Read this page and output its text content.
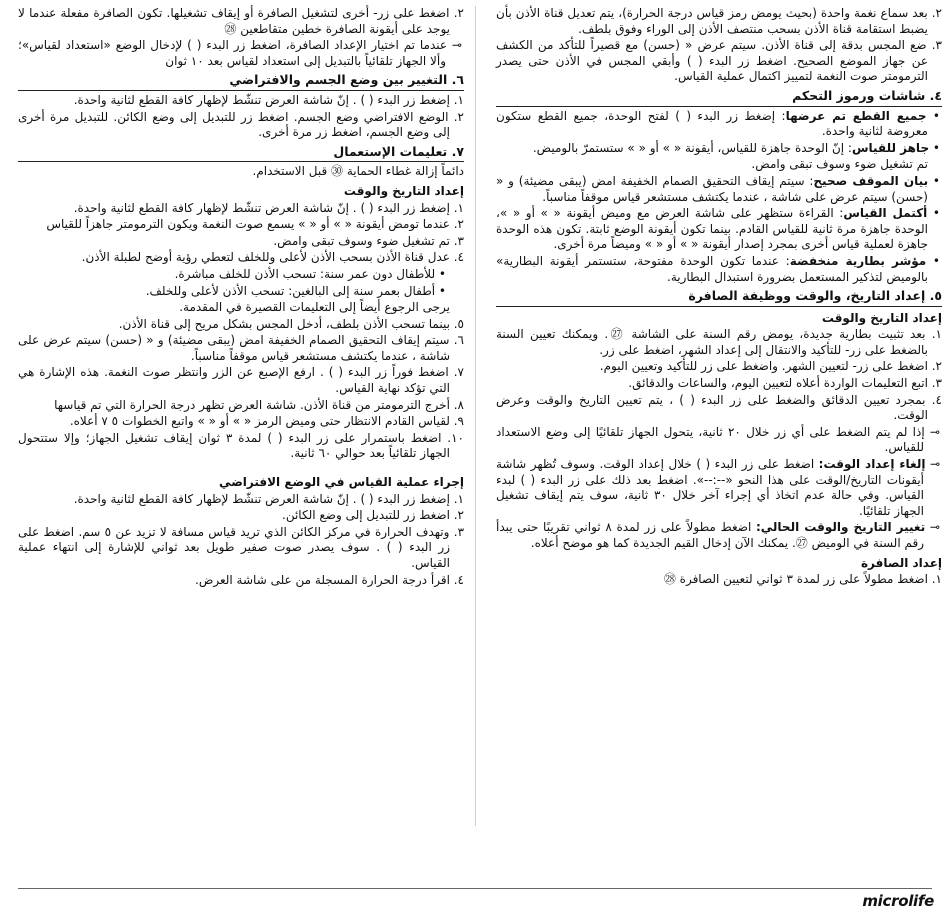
٢. بعد سماع نغمة واحدة (بحيث يومض رمز قياس درجة الحرارة)، يتم تعديل قناة الأذن بأن يضبط استقامة قناة الأذن بسحب منتصف الأذن إلى الوراء وفوق بلطف.
٣. ضع المجس بدقة إلى قناة الأذن. سيتم عرض « (حسن) مع قصيراً للتأكد من الكشف عن جهاز الموضع الصحيح. اضغط زر البدء ( ) وأبقي المجس في الأذن حتى يصدر الترمومتر صوت النغمة لتمييز اكتمال عملية القياس.
٤. شاشات ورموز التحكم
• جميع القطع تم عرضها: إضغط زر البدء ( ) لفتح الوحدة، جميع القطع ستكون معروضة لثانية واحدة.
• جاهز للقياس: إنّ الوحدة جاهزة للقياس، أيقونة « » أو « » ستستمرّ بالوميض.
تم تشغيل ضوء وسوف تبقى وامض.
• بيان الموقف صحيح: سيتم إيقاف التحقيق الصمام الخفيفة امض (يبقى مضيئة) و « (حسن) سيتم عرض على شاشة ، عندما يكتشف مستشعر قياس موقفاً مناسباً.
• أكتمل القياس: القراءة ستظهر على شاشة العرض مع وميض أيقونة « » أو « »، الوحدة جاهزة مرة ثانية للقياس القادم. بينما تكون أيقونة الوضع ثابتة. تكون هذه الوحدة جاهزة لعملية قياس أخرى بمجرد إصدار أيقونة « » أو « » وميضاً مرة أخرى.
• مؤشر بطارية منخفضة: عندما تكون الوحدة مفتوحة، ستستمر أيقونة البطارية» بالوميض لتذكير المستعمل بضرورة استبدال البطارية.
٥. إعداد التاريخ، والوقت ووظيفة الصافرة
إعداد التاريخ والوقت
١. بعد تثبيت بطارية جديدة، يومض رقم السنة على الشاشة ㉗. ويمكنك تعيين السنة بالضغط على زر- للتأكيد والانتقال إلى إعداد الشهر، اضغط على زر.
٢. اضغط على زر- لتعيين الشهر. واضغط على زر للتأكيد وتعيين اليوم.
٣. اتبع التعليمات الواردة أعلاه لتعيين اليوم، والساعات والدقائق.
٤. بمجرد تعيين الدقائق والضغط على زر البدء ( ) ، يتم تعيين التاريخ والوقت وعرض الوقت.
⊸ إذا لم يتم الضغط على أي زر خلال ٢٠ ثانية، يتحول الجهاز تلقائيًا إلى وضع الاستعداد للقياس.
⊸ إلغاء إعداد الوقت: اضغط على زر البدء ( ) خلال إعداد الوقت. وسوف تُظهر شاشة أيقونات التاريخ/الوقت على هذا النحو «--:--». اضغط بعد ذلك على زر البدء ( ) لبدء القياس. وفي حالة عدم اتخاذ أي إجراء آخر خلال ٣٠ ثانية، سوف يتم إيقاف تشغيل الجهاز تلقائيًا.
⊸ تغيير التاريخ والوقت الحالي: اضغط مطولاً على زر لمدة ٨ ثواني تقريبًا حتى يبدأ رقم السنة في الوميض ㉗. يمكنك الآن إدخال القيم الجديدة كما هو موضح أعلاه.
إعداد الصافرة
١. اضغط مطولاً على زر لمدة ٣ ثواني لتعيين الصافرة ㉘
٢. اضغط على زر- أخرى لتشغيل الصافرة أو إيقاف تشغيلها. تكون الصافرة مفعلة عندما لا يوجد على أيقونة الصافرة خطين متقاطعين ㉘
⊸ عندما تم اختيار الإعداد الصافرة، اضغط زر البدء ( ) لإدخال الوضع «استعداد لقياس»؛ وألا الجهاز تلقائياً بالتبديل إلى استعداد لقياس بعد ١٠ ثوان
٦. التغيير بين وضع الجسم والافتراضي
١. إضغط زر البدء ( ) . إنّ شاشة العرض تنشّط لإظهار كافة القطع لثانية واحدة.
٢. الوضع الافتراضي وضع الجسم. اضغط زر للتبديل إلى وضع الكائن. للتبديل مرة أخرى إلى وضع الجسم، اضغط زر مرة أخرى.
٧. تعليمات الإستعمال
دائماً إزالة غطاء الحماية ㉚ قبل الاستخدام.
إعداد التاريخ والوقت
١. إضغط زر البدء ( ) . إنّ شاشة العرض تنشّط لإظهار كافة القطع لثانية واحدة.
٢. عندما تومض أيقونة « » أو « » يسمع صوت النغمة ويكون الترمومتر جاهزاً للقياس
٣. تم تشغيل ضوء وسوف تبقى وامض.
٤. عدل قناة الأذن بسحب الأذن لأعلى وللخلف لتعطي رؤية أوضح لطبلة الأذن.
• للأطفال دون عمر سنة: تسحب الأذن للخلف مباشرة.
• أطفال بعمر سنة إلى البالغين: تسحب الأذن لأعلى وللخلف.
يرجى الرجوع أيضاً إلى التعليمات القصيرة في المقدمة.
٥. بينما تسحب الأذن بلطف، أدخل المجس بشكل مريح إلى قناة الأذن.
٦. سيتم إيقاف التحقيق الصمام الخفيفة امض (يبقى مضيئة) و « (حسن) سيتم عرض على شاشة ، عندما يكتشف مستشعر قياس موقفاً مناسباً.
٧. اضغط فوراً زر البدء ( ) . ارفع الإصبع عن الزر وانتظر صوت النغمة. هذه الإشارة هي التي تؤكد نهاية القياس.
٨. أخرج الترمومتر من قناة الأذن. شاشة العرض تظهر درجة الحرارة التي تم قياسها
٩. لقياس القادم الانتظار حتى وميض الرمز « » أو « » واتبع الخطوات ٥ ٧ أعلاه.
١٠. اضغط باستمرار على زر البدء ( ) لمدة ٣ ثوان إيقاف تشغيل الجهاز؛ وإلا ستتحول الجهاز تلقائياً بعد حوالي ٦٠ ثانية.
إجراء عملية القياس في الوضع الافتراضي
١. إضغط زر البدء ( ) . إنّ شاشة العرض تنشّط لإظهار كافة القطع لثانية واحدة.
٢. اضغط زر للتبديل إلى وضع الكائن.
٣. وتهدف الحرارة في مركز الكائن الذي تريد قياس مسافة لا تزيد عن ٥ سم. اضغط على زر البدء ( ) . سوف يصدر صوت صفير طويل بعد ثواني للإشارة إلى انتهاء عملية القياس.
٤. اقرأ درجة الحرارة المسجلة من على شاشة العرض.
microlife
